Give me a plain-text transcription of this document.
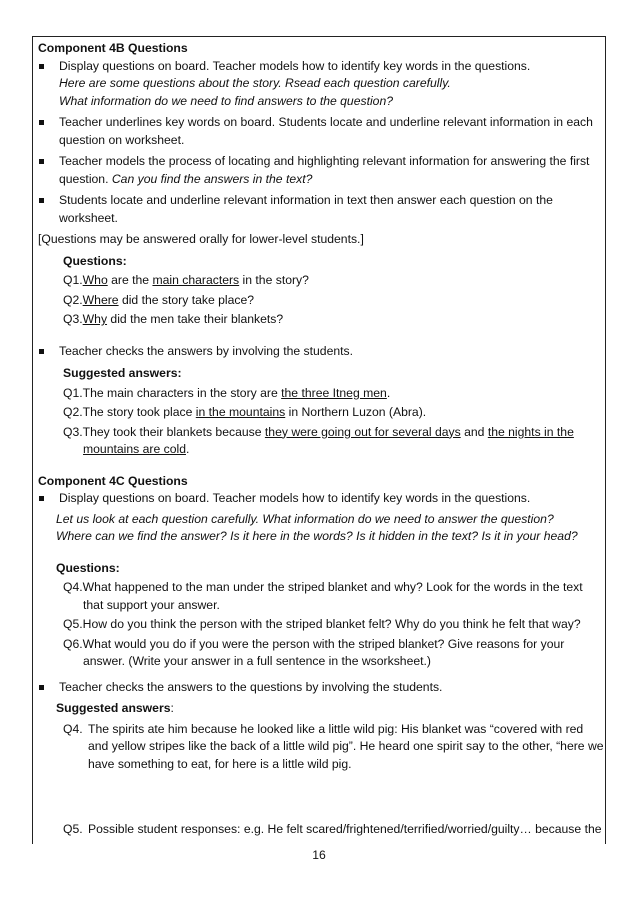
Component 4B Questions
Display questions on board. Teacher models how to identify key words in the questions.
Here are some questions about the story. Rsead each question carefully.
What information do we need to find answers to the question?
Teacher underlines key words on board. Students locate and underline relevant information in each question on worksheet.
Teacher models the process of locating and highlighting relevant information for answering the first question. Can you find the answers in the text?
Students locate and underline relevant information in text then answer each question on the worksheet.
[Questions may be answered orally for lower-level students.]
Questions:
Q1.Who are the main characters in the story?
Q2.Where did the story take place?
Q3.Why did the men take their blankets?
Teacher checks the answers by involving the students.
Suggested answers:
Q1.The main characters in the story are the three Itneg men.
Q2.The story took place in the mountains in Northern Luzon (Abra).
Q3.They took their blankets because they were going out for several days and the nights in the mountains are cold.
Component 4C Questions
Display questions on board. Teacher models how to identify key words in the questions.
Let us look at each question carefully. What information do we need to answer the question?
Where can we find the answer? Is it here in the words? Is it hidden in the text? Is it in your head?
Questions:
Q4.What happened to the man under the striped blanket and why? Look for the words in the text that support your answer.
Q5.How do you think the person with the striped blanket felt? Why do you think he felt that way?
Q6.What would you do if you were the person with the striped blanket? Give reasons for your answer. (Write your answer in a full sentence in the wsorksheet.)
Teacher checks the answers to the questions by involving the students.
Suggested answers:
Q4. The spirits ate him because he looked like a little wild pig: His blanket was “covered with red and yellow stripes like the back of a little wild pig”. He heard one spirit say to the other, “here we have something to eat, for here is a little wild pig.
Q5. Possible student responses: e.g. He felt scared/frightened/terrified/worried/guilty… because the
16
